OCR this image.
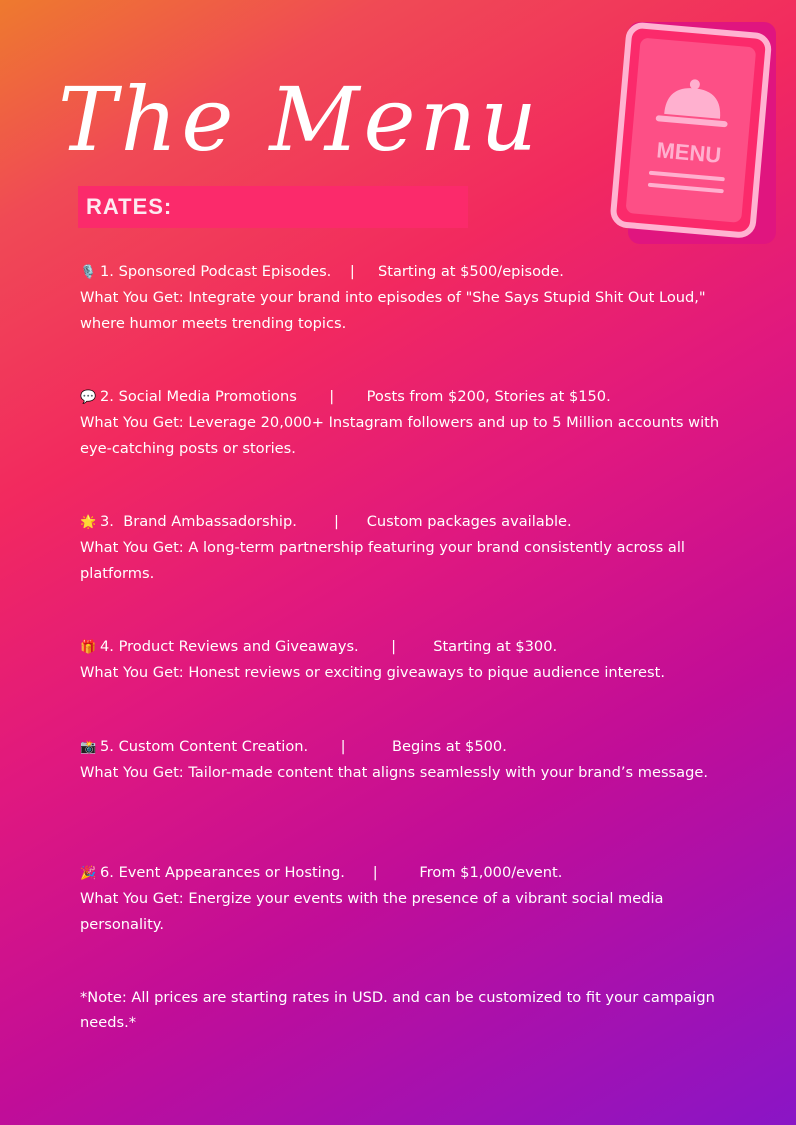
The Menu
RATES:
MENU
🎙️ 1. Sponsored Podcast Episodes.    |     Starting at $500/episode.
What You Get: Integrate your brand into episodes of "She Says Stupid Shit Out Loud," where humor meets trending topics.
💬 2. Social Media Promotions       |       Posts from $200, Stories at $150.
What You Get: Leverage 20,000+ Instagram followers and up to 5 Million accounts with eye-catching posts or stories.
🌟 3.  Brand Ambassadorship.        |      Custom packages available.
What You Get: A long-term partnership featuring your brand consistently across all platforms.
🎁 4. Product Reviews and Giveaways.       |        Starting at $300.
What You Get: Honest reviews or exciting giveaways to pique audience interest.
📸 5. Custom Content Creation.       |          Begins at $500.
What You Get: Tailor-made content that aligns seamlessly with your brand’s message.
🎉 6. Event Appearances or Hosting.      |         From $1,000/event.
What You Get: Energize your events with the presence of a vibrant social media personality.
*Note: All prices are starting rates in USD. and can be customized to fit your campaign needs.*
